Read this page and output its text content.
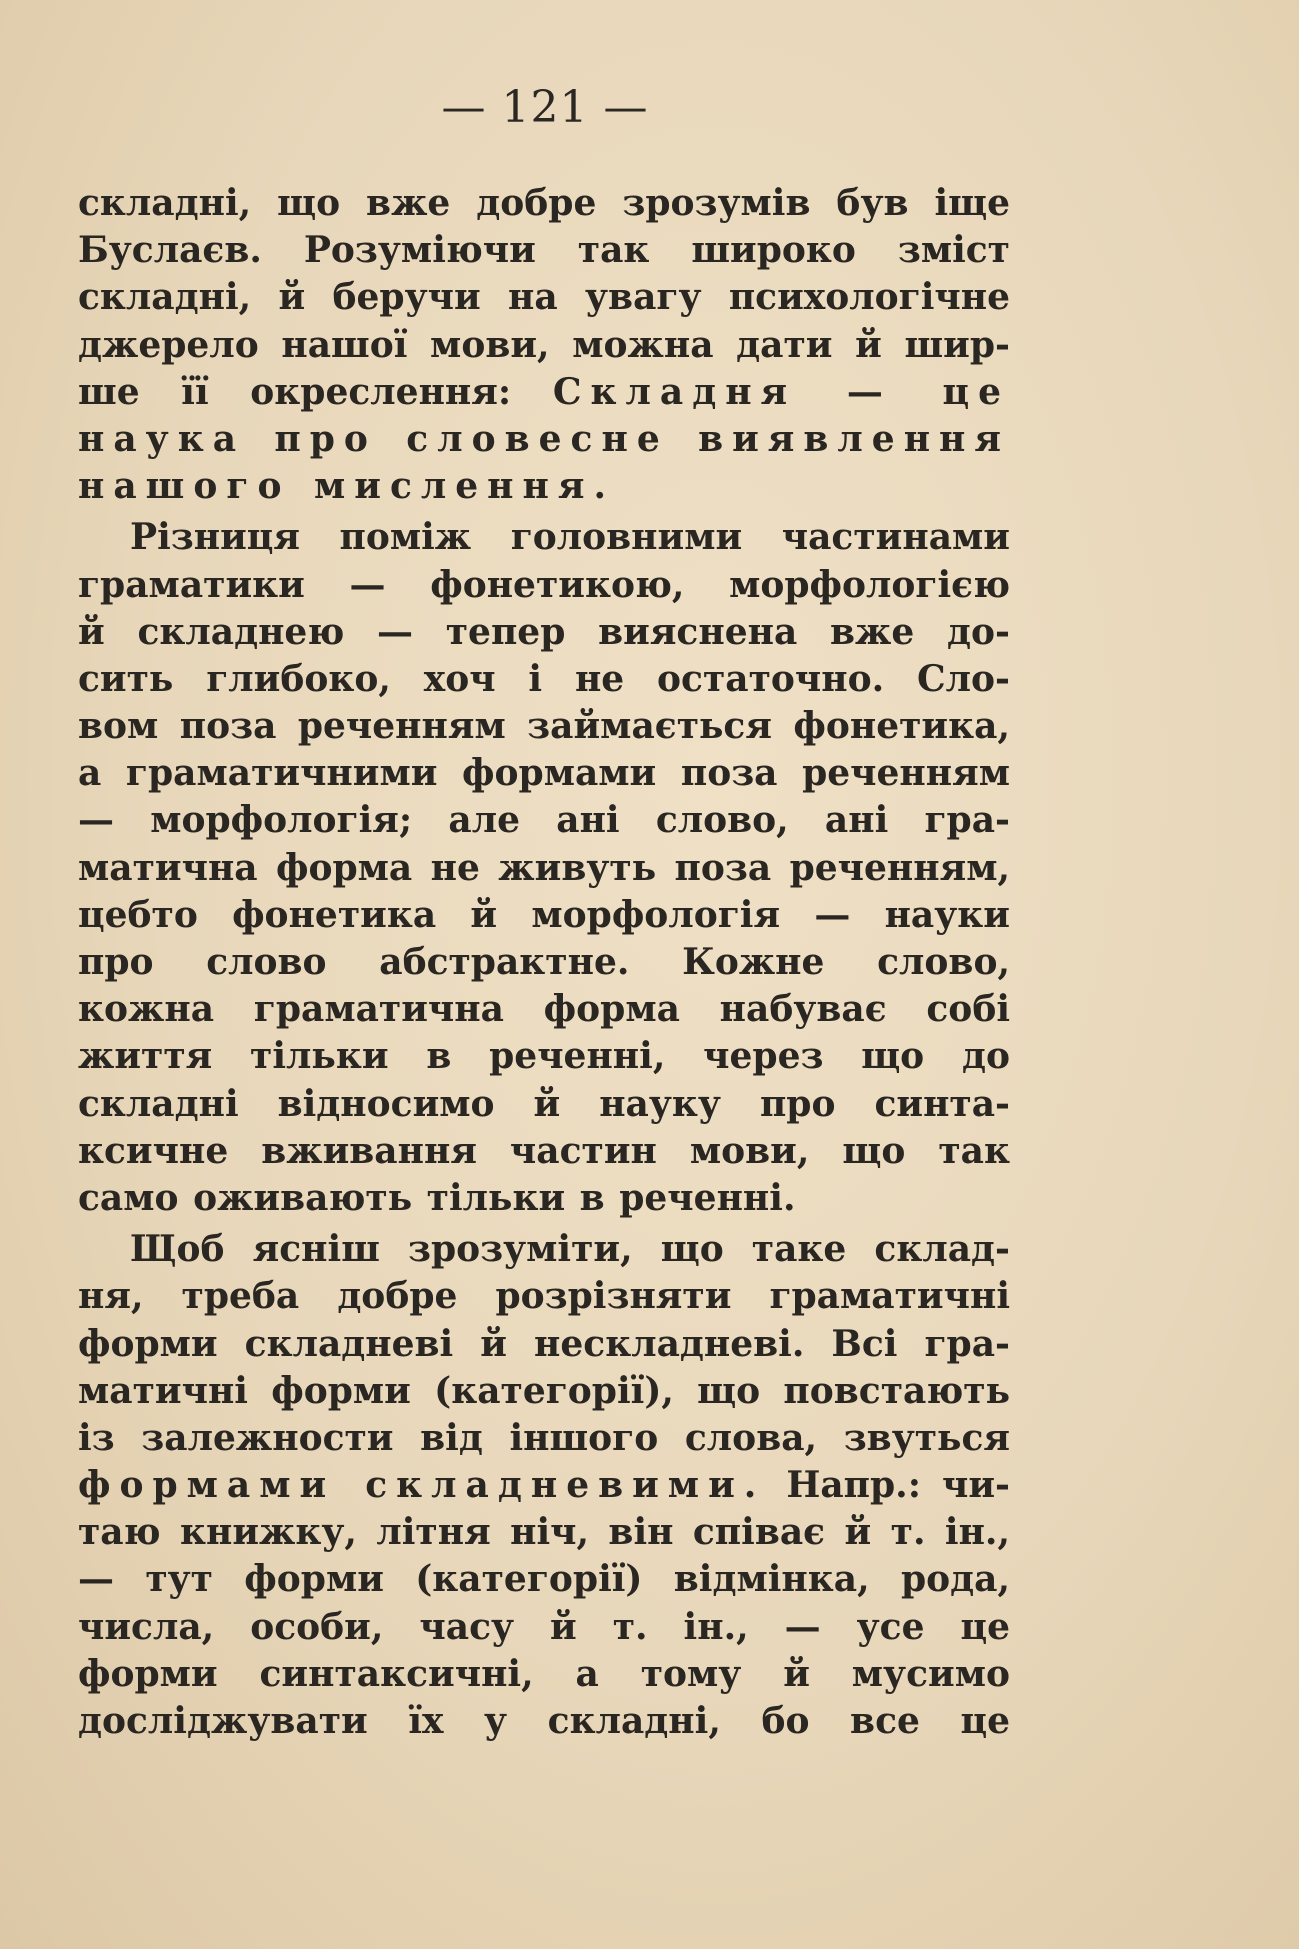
— 121 —
складні, що вже добре зрозумів був іще
Буслаєв. Розуміючи так широко зміст
складні, й беручи на увагу психологічне
джерело нашої мови, можна дати й шир-
ше її окреслення: Складня — це
наука про словесне виявлення
нашого мислення.
Різниця поміж головними частинами
граматики — фонетикою, морфологією
й складнею — тепер вияснена вже до-
сить глибоко, хоч і не остаточно. Сло-
вом поза реченням займається фонетика,
а граматичними формами поза реченням
— морфологія; але ані слово, ані гра-
матична форма не живуть поза реченням,
цебто фонетика й морфологія — науки
про слово абстрактне. Кожне слово,
кожна граматична форма набуває собі
життя тільки в реченні, через що до
складні відносимо й науку про синта-
ксичне вживання частин мови, що так
само оживають тільки в реченні.
Щоб ясніш зрозуміти, що таке склад-
ня, треба добре розрізняти граматичні
форми складневі й нескладневі. Всі гра-
матичні форми (категорії), що повстають
із залежности від іншого слова, звуться
формами складневими. Напр.: чи-
таю книжку, літня ніч, він співає й т. ін.,
— тут форми (категорії) відмінка, рода,
числа, особи, часу й т. ін., — усе це
форми синтаксичні, а тому й мусимо
досліджувати їх у складні, бо все це
